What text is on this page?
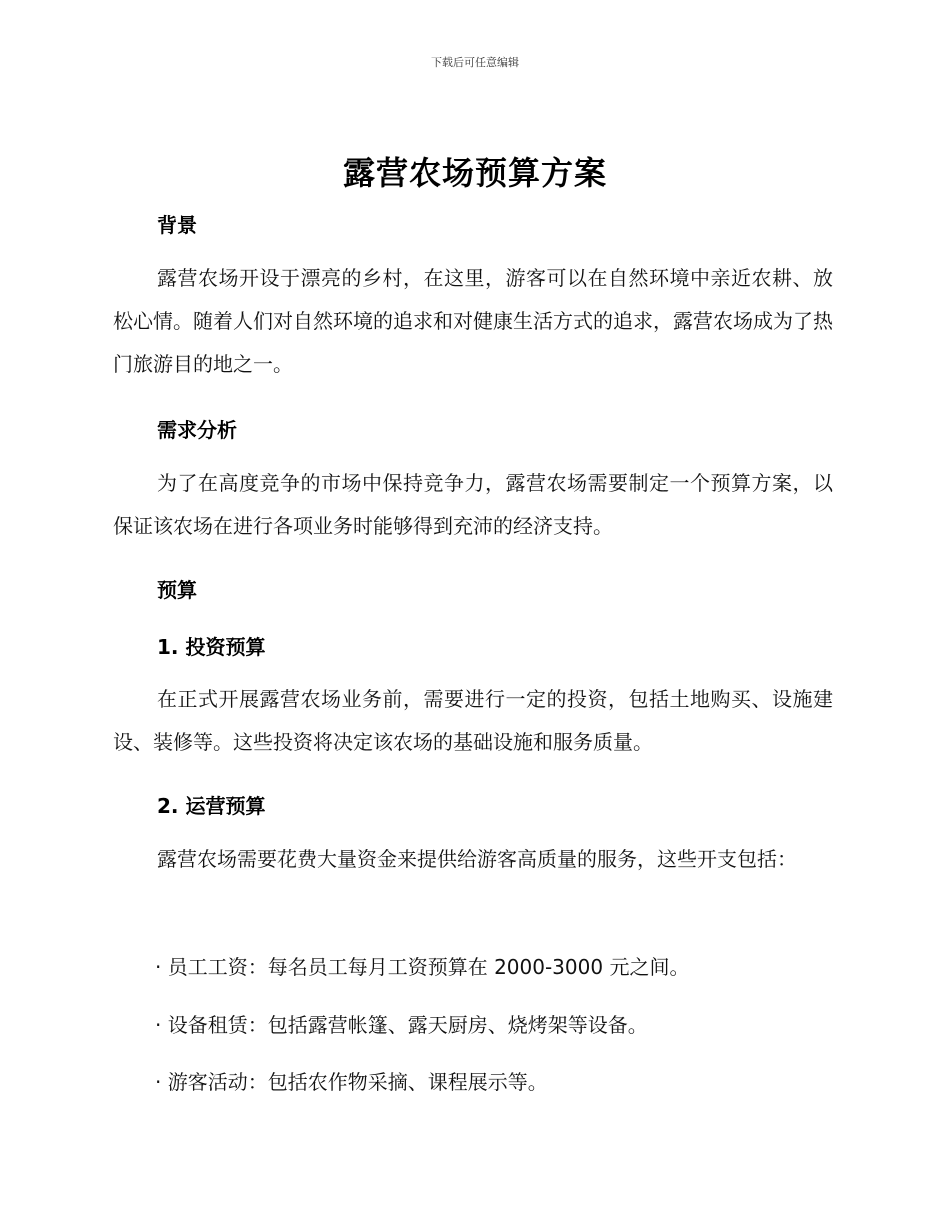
下载后可任意编辑
露营农场预算方案
背景

露营农场开设于漂亮的乡村，在这里，游客可以在自然环境中亲近农耕、放松心情。随着人们对自然环境的追求和对健康生活方式的追求，露营农场成为了热门旅游目的地之一。

需求分析

为了在高度竞争的市场中保持竞争力，露营农场需要制定一个预算方案，以保证该农场在进行各项业务时能够得到充沛的经济支持。

预算
1. 投资预算

在正式开展露营农场业务前，需要进行一定的投资，包括土地购买、设施建设、装修等。这些投资将决定该农场的基础设施和服务质量。

2. 运营预算

露营农场需要花费大量资金来提供给游客高质量的服务，这些开支包括：

· 员工工资：每名员工每月工资预算在 2000-3000 元之间。
· 设备租赁：包括露营帐篷、露天厨房、烧烤架等设备。
· 游客活动：包括农作物采摘、课程展示等。
